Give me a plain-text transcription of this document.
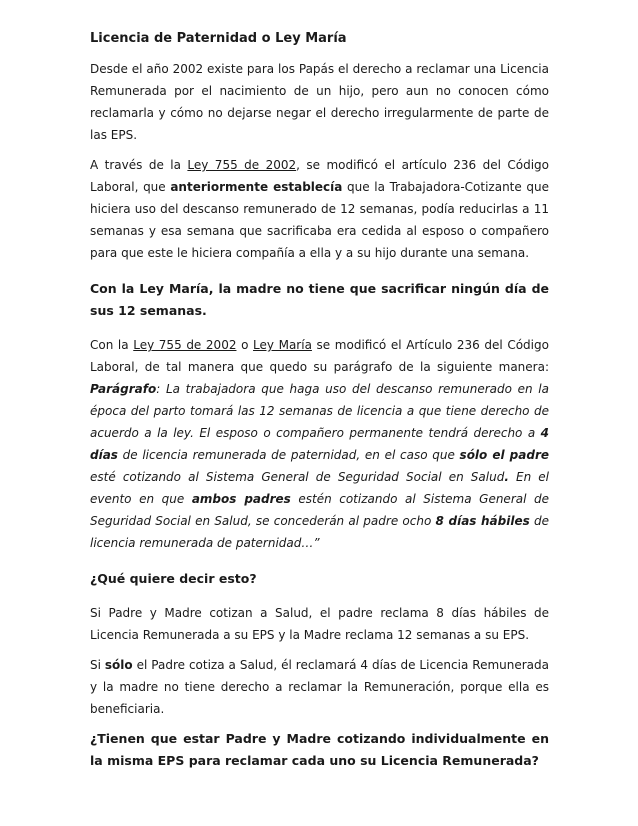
Licencia de Paternidad o Ley María

Desde el año 2002 existe para los Papás el derecho a reclamar una Licencia Remunerada por el nacimiento de un hijo, pero aun no conocen cómo reclamarla y cómo no dejarse negar el derecho irregularmente de parte de las EPS.

A través de la Ley 755 de 2002, se modificó el artículo 236 del Código Laboral, que anteriormente establecía que la Trabajadora-Cotizante que hiciera uso del descanso remunerado de 12 semanas, podía reducirlas a 11 semanas y esa semana que sacrificaba era cedida al esposo o compañero para que este le hiciera compañía a ella y a su hijo durante una semana.

Con la Ley María, la madre no tiene que sacrificar ningún día de sus 12 semanas.

Con la Ley 755 de 2002 o Ley María se modificó el Artículo 236 del Código Laboral, de tal manera que quedo su parágrafo de la siguiente manera: Parágrafo: La trabajadora que haga uso del descanso remunerado en la época del parto tomará las 12 semanas de licencia a que tiene derecho de acuerdo a la ley. El esposo o compañero permanente tendrá derecho a 4 días de licencia remunerada de paternidad, en el caso que sólo el padre esté cotizando al Sistema General de Seguridad Social en Salud. En el evento en que ambos padres estén cotizando al Sistema General de Seguridad Social en Salud, se concederán al padre ocho 8 días hábiles de licencia remunerada de paternidad…”

¿Qué quiere decir esto?

Si Padre y Madre cotizan a Salud, el padre reclama 8 días hábiles de Licencia Remunerada a su EPS y la Madre reclama 12 semanas a su EPS.

Si sólo el Padre cotiza a Salud, él reclamará 4 días de Licencia Remunerada y la madre no tiene derecho a reclamar la Remuneración, porque ella es beneficiaria.

¿Tienen que estar Padre y Madre cotizando individualmente en la misma EPS para reclamar cada uno su Licencia Remunerada?
